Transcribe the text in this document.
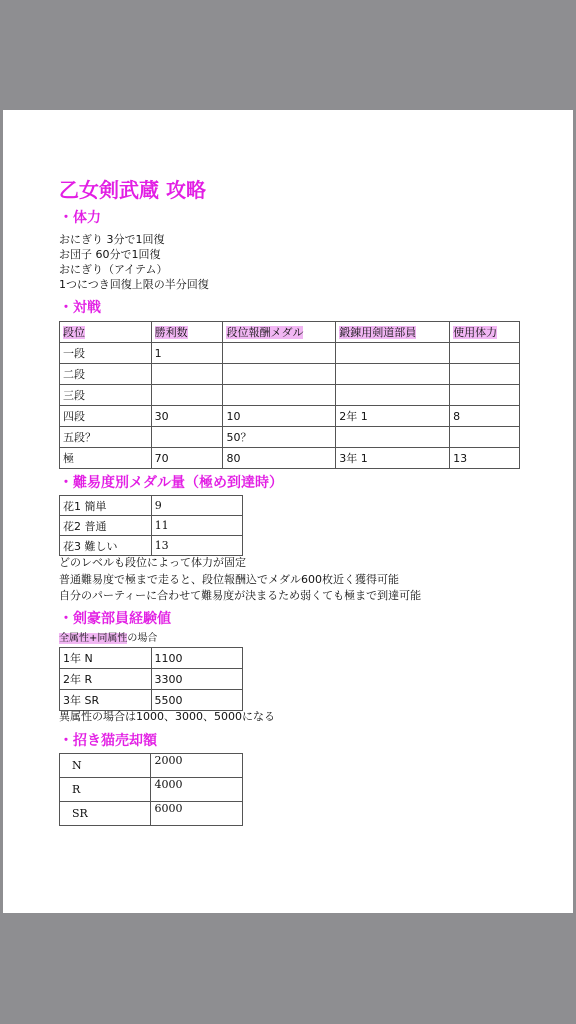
乙女剣武蔵 攻略
・体力
おにぎり 3分で1回復
お団子 60分で1回復
おにぎり（アイテム）
1つにつき回復上限の半分回復
・対戦
段位	勝利数	段位報酬メダル	鍛錬用剣道部員	使用体力
一段	1			
二段				
三段				
四段	30	10	2年 1	8
五段？		50？		
極	70	80	3年 1	13
・難易度別メダル量（極め到達時）
花1 簡単	9
花2 普通	11
花3 難しい	13
どのレベルも段位によって体力が固定
普通難易度で極まで走ると、段位報酬込でメダル600枚近く獲得可能
自分のパーティーに合わせて難易度が決まるため弱くても極まで到達可能
・剣豪部員経験値
全属性+同属性の場合
1年 N	1100
2年 R	3300
3年 SR	5500
異属性の場合は1000、3000、5000になる
・招き猫売却額
N	2000
R	4000
SR	6000
